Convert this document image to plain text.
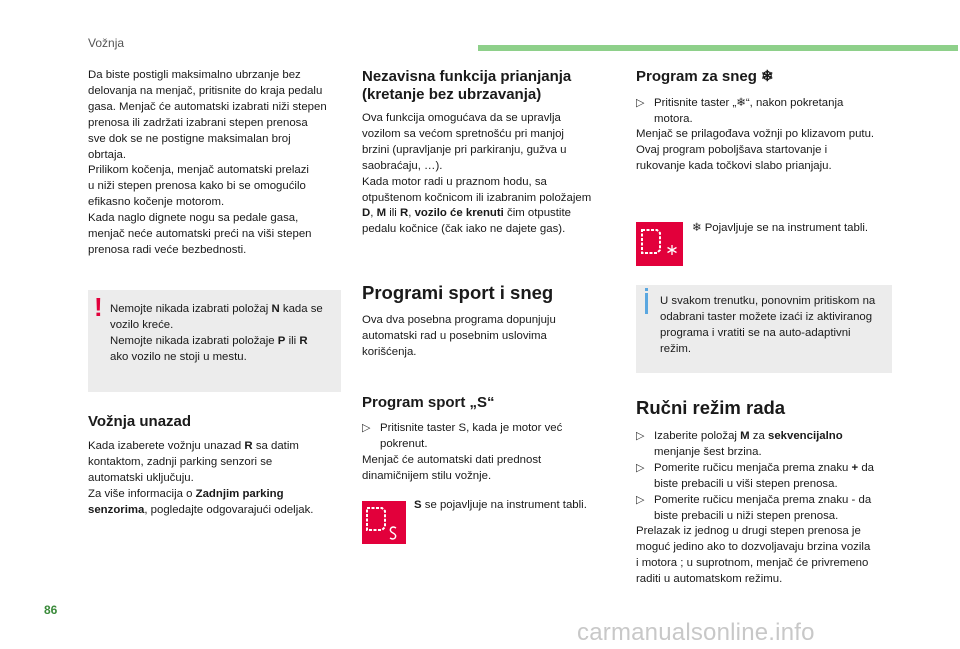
Vožnja
Da biste postigli maksimalno ubrzanje bez
delovanja na menjač, pritisnite do kraja pedalu
gasa. Menjač će automatski izabrati niži stepen
prenosa ili zadržati izabrani stepen prenosa
sve dok se ne postigne maksimalan broj
obrtaja.
Prilikom kočenja, menjač automatski prelazi
u niži stepen prenosa kako bi se omogućilo
efikasno kočenje motorom.
Kada naglo dignete nogu sa pedale gasa,
menjač neće automatski preći na viši stepen
prenosa radi veće bezbednosti.
! Nemojte nikada izabrati položaj N kada se
vozilo kreće.
Nemojte nikada izabrati položaje P ili R
ako vozilo ne stoji u mestu.
Vožnja unazad
Kada izaberete vožnju unazad R sa datim
kontaktom, zadnji parking senzori se
automatski uključuju.
Za više informacija o Zadnjim parking
senzorima, pogledajte odgovarajući odeljak.
Nezavisna funkcija prianjanja
(kretanje bez ubrzavanja)
Ova funkcija omogućava da se upravlja
vozilom sa većom spretnošću pri manjoj
brzini (upravljanje pri parkiranju, gužva u
saobraćaju, …).
Kada motor radi u praznom hodu, sa
otpuštenom kočnicom ili izabranim položajem
D, M ili R, vozilo će krenuti čim otpustite
pedalu kočnice (čak iako ne dajete gas).
Programi sport i sneg
Ova dva posebna programa dopunjuju
automatski rad u posebnim uslovima
korišćenja.
Program sport „S“
▷ Pritisnite taster S, kada je motor već
pokrenut.
Menjač će automatski dati prednost
dinamičnijem stilu vožnje.
S se pojavljuje na instrument tabli.
Program za sneg ❄
▷ Pritisnite taster „❄“, nakon pokretanja
motora.
Menjač se prilagođava vožnji po klizavom putu.
Ovaj program poboljšava startovanje i
rukovanje kada točkovi slabo prianjaju.
❄ Pojavljuje se na instrument tabli.
U svakom trenutku, ponovnim pritiskom na
odabrani taster možete izaći iz aktiviranog
programa i vratiti se na auto-adaptivni
režim.
Ručni režim rada
▷ Izaberite položaj M za sekvencijalno
menjanje šest brzina.
▷ Pomerite ručicu menjača prema znaku + da
biste prebacili u viši stepen prenosa.
▷ Pomerite ručicu menjača prema znaku - da
biste prebacili u niži stepen prenosa.
Prelazak iz jednog u drugi stepen prenosa je
moguć jedino ako to dozvoljavaju brzina vozila
i motora ; u suprotnom, menjač će privremeno
raditi u automatskom režimu.
86
carmanualsonline.info
